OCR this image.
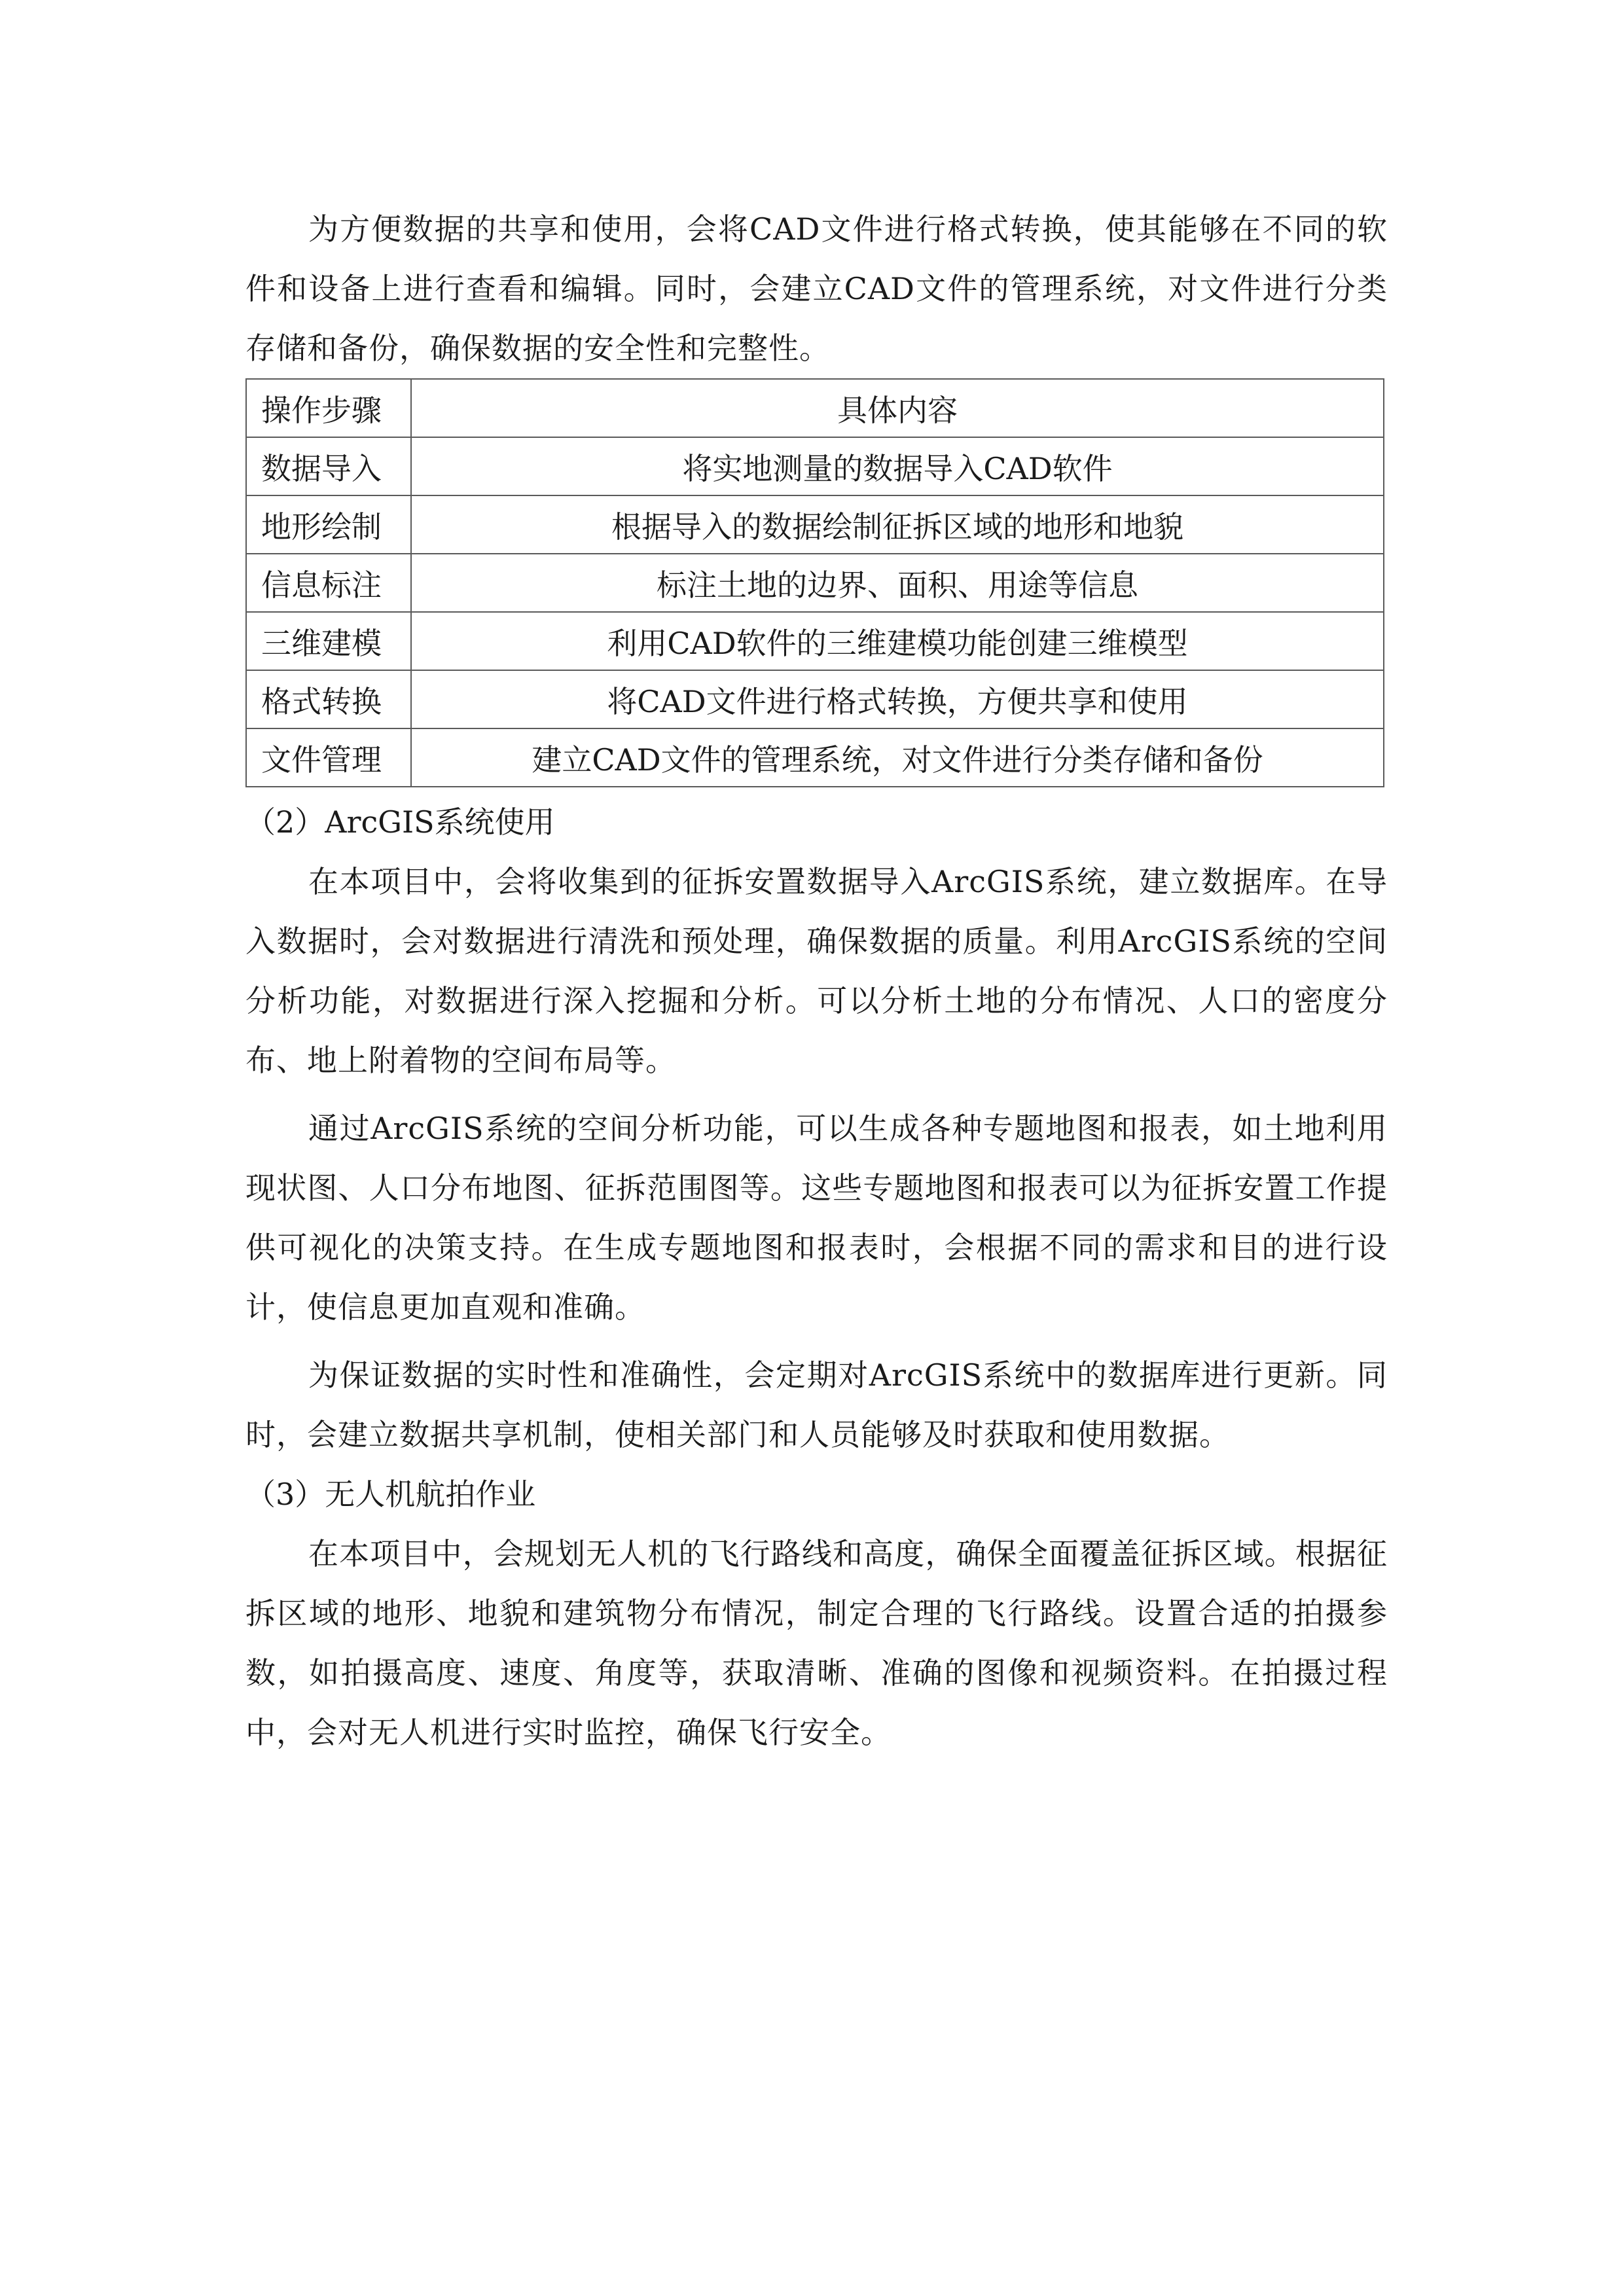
为方便数据的共享和使用，会将CAD文件进行格式转换，使其能够在不同的软件和设备上进行查看和编辑。同时，会建立CAD文件的管理系统，对文件进行分类存储和备份，确保数据的安全性和完整性。

操作步骤	具体内容
数据导入	将实地测量的数据导入CAD软件
地形绘制	根据导入的数据绘制征拆区域的地形和地貌
信息标注	标注土地的边界、面积、用途等信息
三维建模	利用CAD软件的三维建模功能创建三维模型
格式转换	将CAD文件进行格式转换，方便共享和使用
文件管理	建立CAD文件的管理系统，对文件进行分类存储和备份

（2）ArcGIS系统使用

在本项目中，会将收集到的征拆安置数据导入ArcGIS系统，建立数据库。在导入数据时，会对数据进行清洗和预处理，确保数据的质量。利用ArcGIS系统的空间分析功能，对数据进行深入挖掘和分析。可以分析土地的分布情况、人口的密度分布、地上附着物的空间布局等。

通过ArcGIS系统的空间分析功能，可以生成各种专题地图和报表，如土地利用现状图、人口分布地图、征拆范围图等。这些专题地图和报表可以为征拆安置工作提供可视化的决策支持。在生成专题地图和报表时，会根据不同的需求和目的进行设计，使信息更加直观和准确。

为保证数据的实时性和准确性，会定期对ArcGIS系统中的数据库进行更新。同时，会建立数据共享机制，使相关部门和人员能够及时获取和使用数据。

（3）无人机航拍作业

在本项目中，会规划无人机的飞行路线和高度，确保全面覆盖征拆区域。根据征拆区域的地形、地貌和建筑物分布情况，制定合理的飞行路线。设置合适的拍摄参数，如拍摄高度、速度、角度等，获取清晰、准确的图像和视频资料。在拍摄过程中，会对无人机进行实时监控，确保飞行安全。
